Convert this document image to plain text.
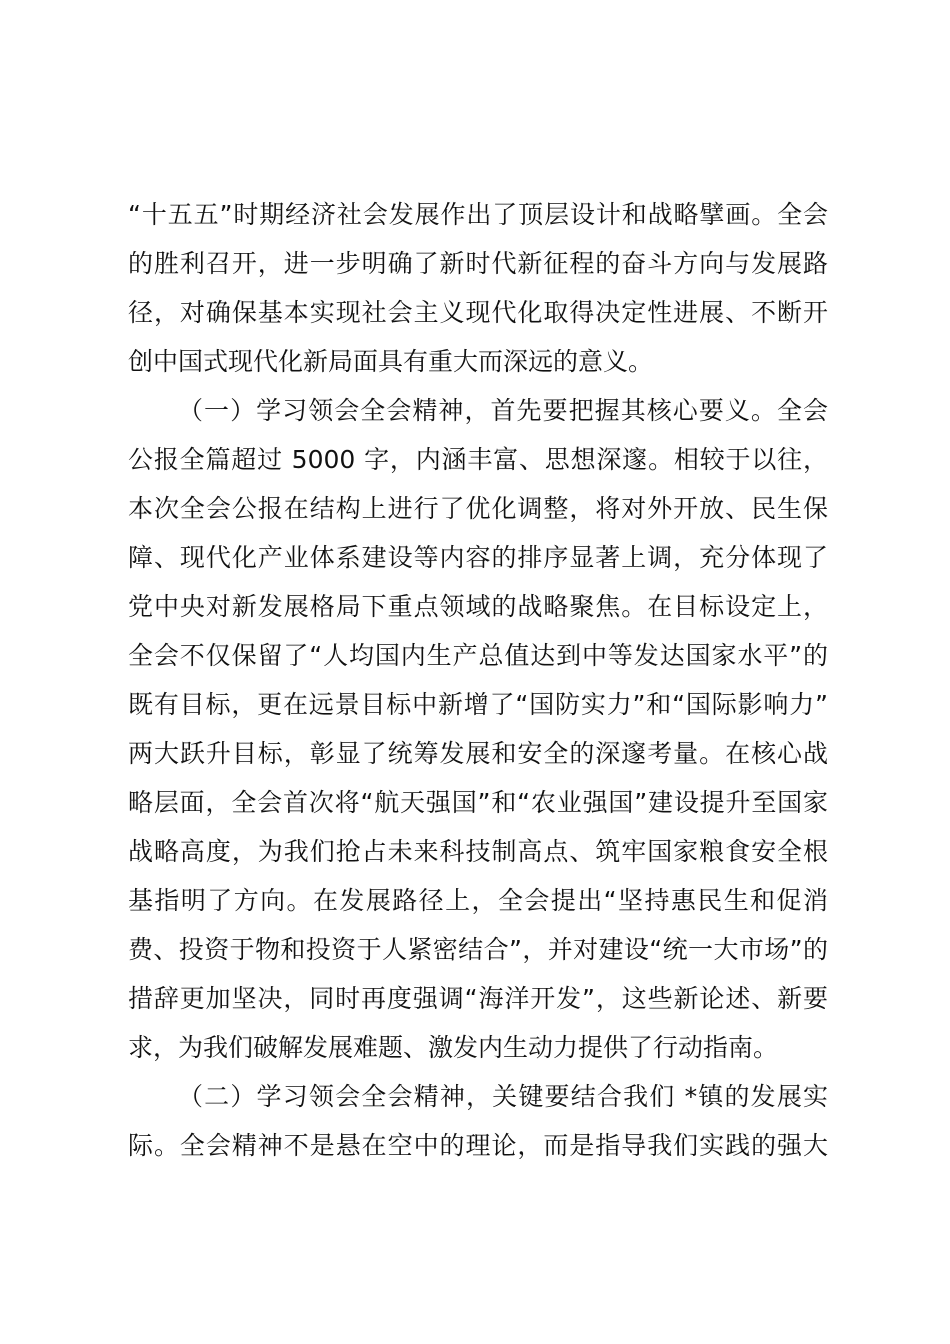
“十五五”时期经济社会发展作出了顶层设计和战略擘画。全会
的胜利召开，进一步明确了新时代新征程的奋斗方向与发展路
径，对确保基本实现社会主义现代化取得决定性进展、不断开
创中国式现代化新局面具有重大而深远的意义。
（一）学习领会全会精神，首先要把握其核心要义。全会
公报全篇超过 5000 字，内涵丰富、思想深邃。相较于以往，
本次全会公报在结构上进行了优化调整，将对外开放、民生保
障、现代化产业体系建设等内容的排序显著上调，充分体现了
党中央对新发展格局下重点领域的战略聚焦。在目标设定上，
全会不仅保留了“人均国内生产总值达到中等发达国家水平”的
既有目标，更在远景目标中新增了“国防实力”和“国际影响力”
两大跃升目标，彰显了统筹发展和安全的深邃考量。在核心战
略层面，全会首次将“航天强国”和“农业强国”建设提升至国家
战略高度，为我们抢占未来科技制高点、筑牢国家粮食安全根
基指明了方向。在发展路径上，全会提出“坚持惠民生和促消
费、投资于物和投资于人紧密结合”，并对建设“统一大市场”的
措辞更加坚决，同时再度强调“海洋开发”，这些新论述、新要
求，为我们破解发展难题、激发内生动力提供了行动指南。
（二）学习领会全会精神，关键要结合我们 *镇的发展实
际。全会精神不是悬在空中的理论，而是指导我们实践的强大
